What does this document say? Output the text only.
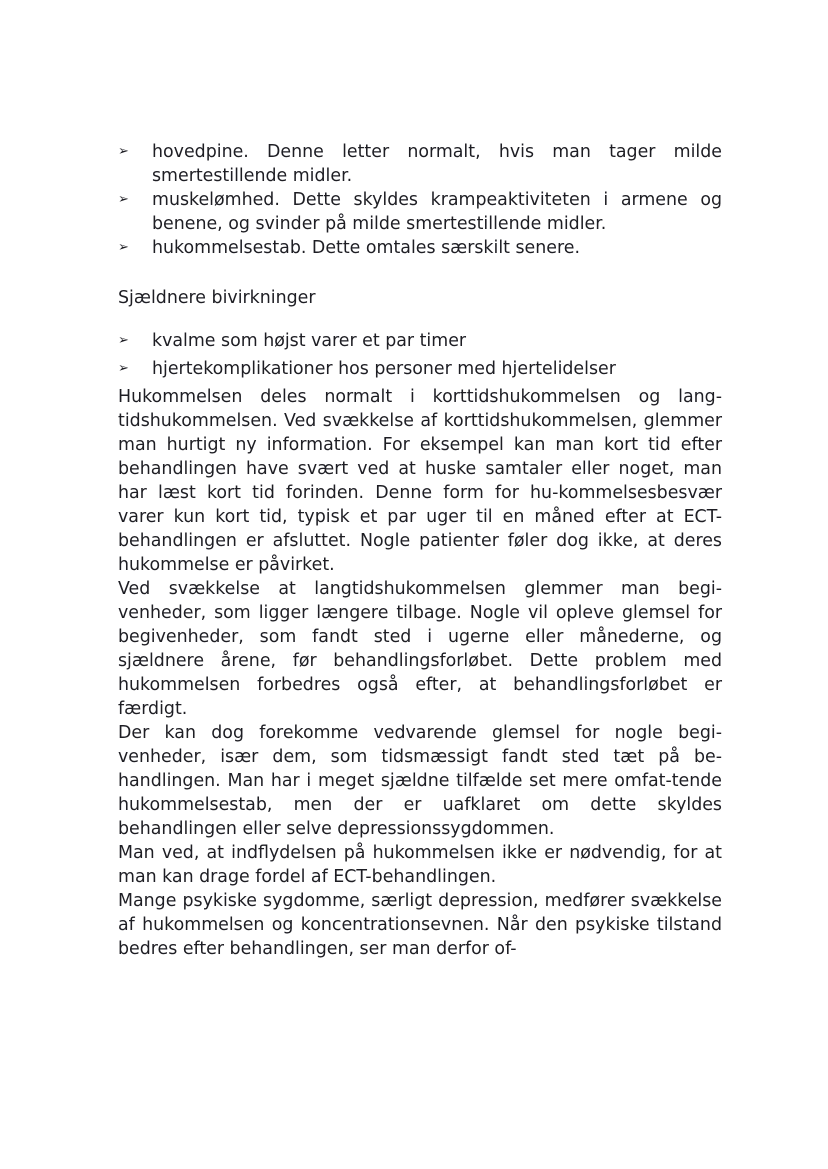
➢	hovedpine. Denne letter normalt, hvis man tager milde smertestillende midler.
➢	muskelømhed. Dette skyldes krampeaktiviteten i armene og benene, og svinder på milde smertestillende midler.
➢	hukommelsestab. Dette omtales særskilt senere.
Sjældnere bivirkninger
➢	kvalme som højst varer et par timer
➢	hjertekomplikationer hos personer med hjertelidelser

Hukommelsen deles normalt i korttidshukommelsen og lang-tidshukommelsen. Ved svækkelse af korttidshukommelsen, glemmer man hurtigt ny information. For eksempel kan man kort tid efter behandlingen have svært ved at huske samtaler eller noget, man har læst kort tid forinden. Denne form for hu-kommelsesbesvær varer kun kort tid, typisk et par uger til en måned efter at ECT-behandlingen er afsluttet. Nogle patienter føler dog ikke, at deres hukommelse er påvirket.

Ved svækkelse at langtidshukommelsen glemmer man begi-venheder, som ligger længere tilbage. Nogle vil opleve glemsel for begivenheder, som fandt sted i ugerne eller månederne, og sjældnere årene, før behandlingsforløbet. Dette problem med hukommelsen forbedres også efter, at behandlingsforløbet er færdigt.

Der kan dog forekomme vedvarende glemsel for nogle begi-venheder, især dem, som tidsmæssigt fandt sted tæt på be-handlingen. Man har i meget sjældne tilfælde set mere omfat-tende hukommelsestab, men der er uafklaret om dette skyldes behandlingen eller selve depressionssygdommen.

Man ved, at indflydelsen på hukommelsen ikke er nødvendig, for at man kan drage fordel af ECT-behandlingen.

Mange psykiske sygdomme, særligt depression, medfører svækkelse af hukommelsen og koncentrationsevnen. Når den psykiske tilstand bedres efter behandlingen, ser man derfor of-
